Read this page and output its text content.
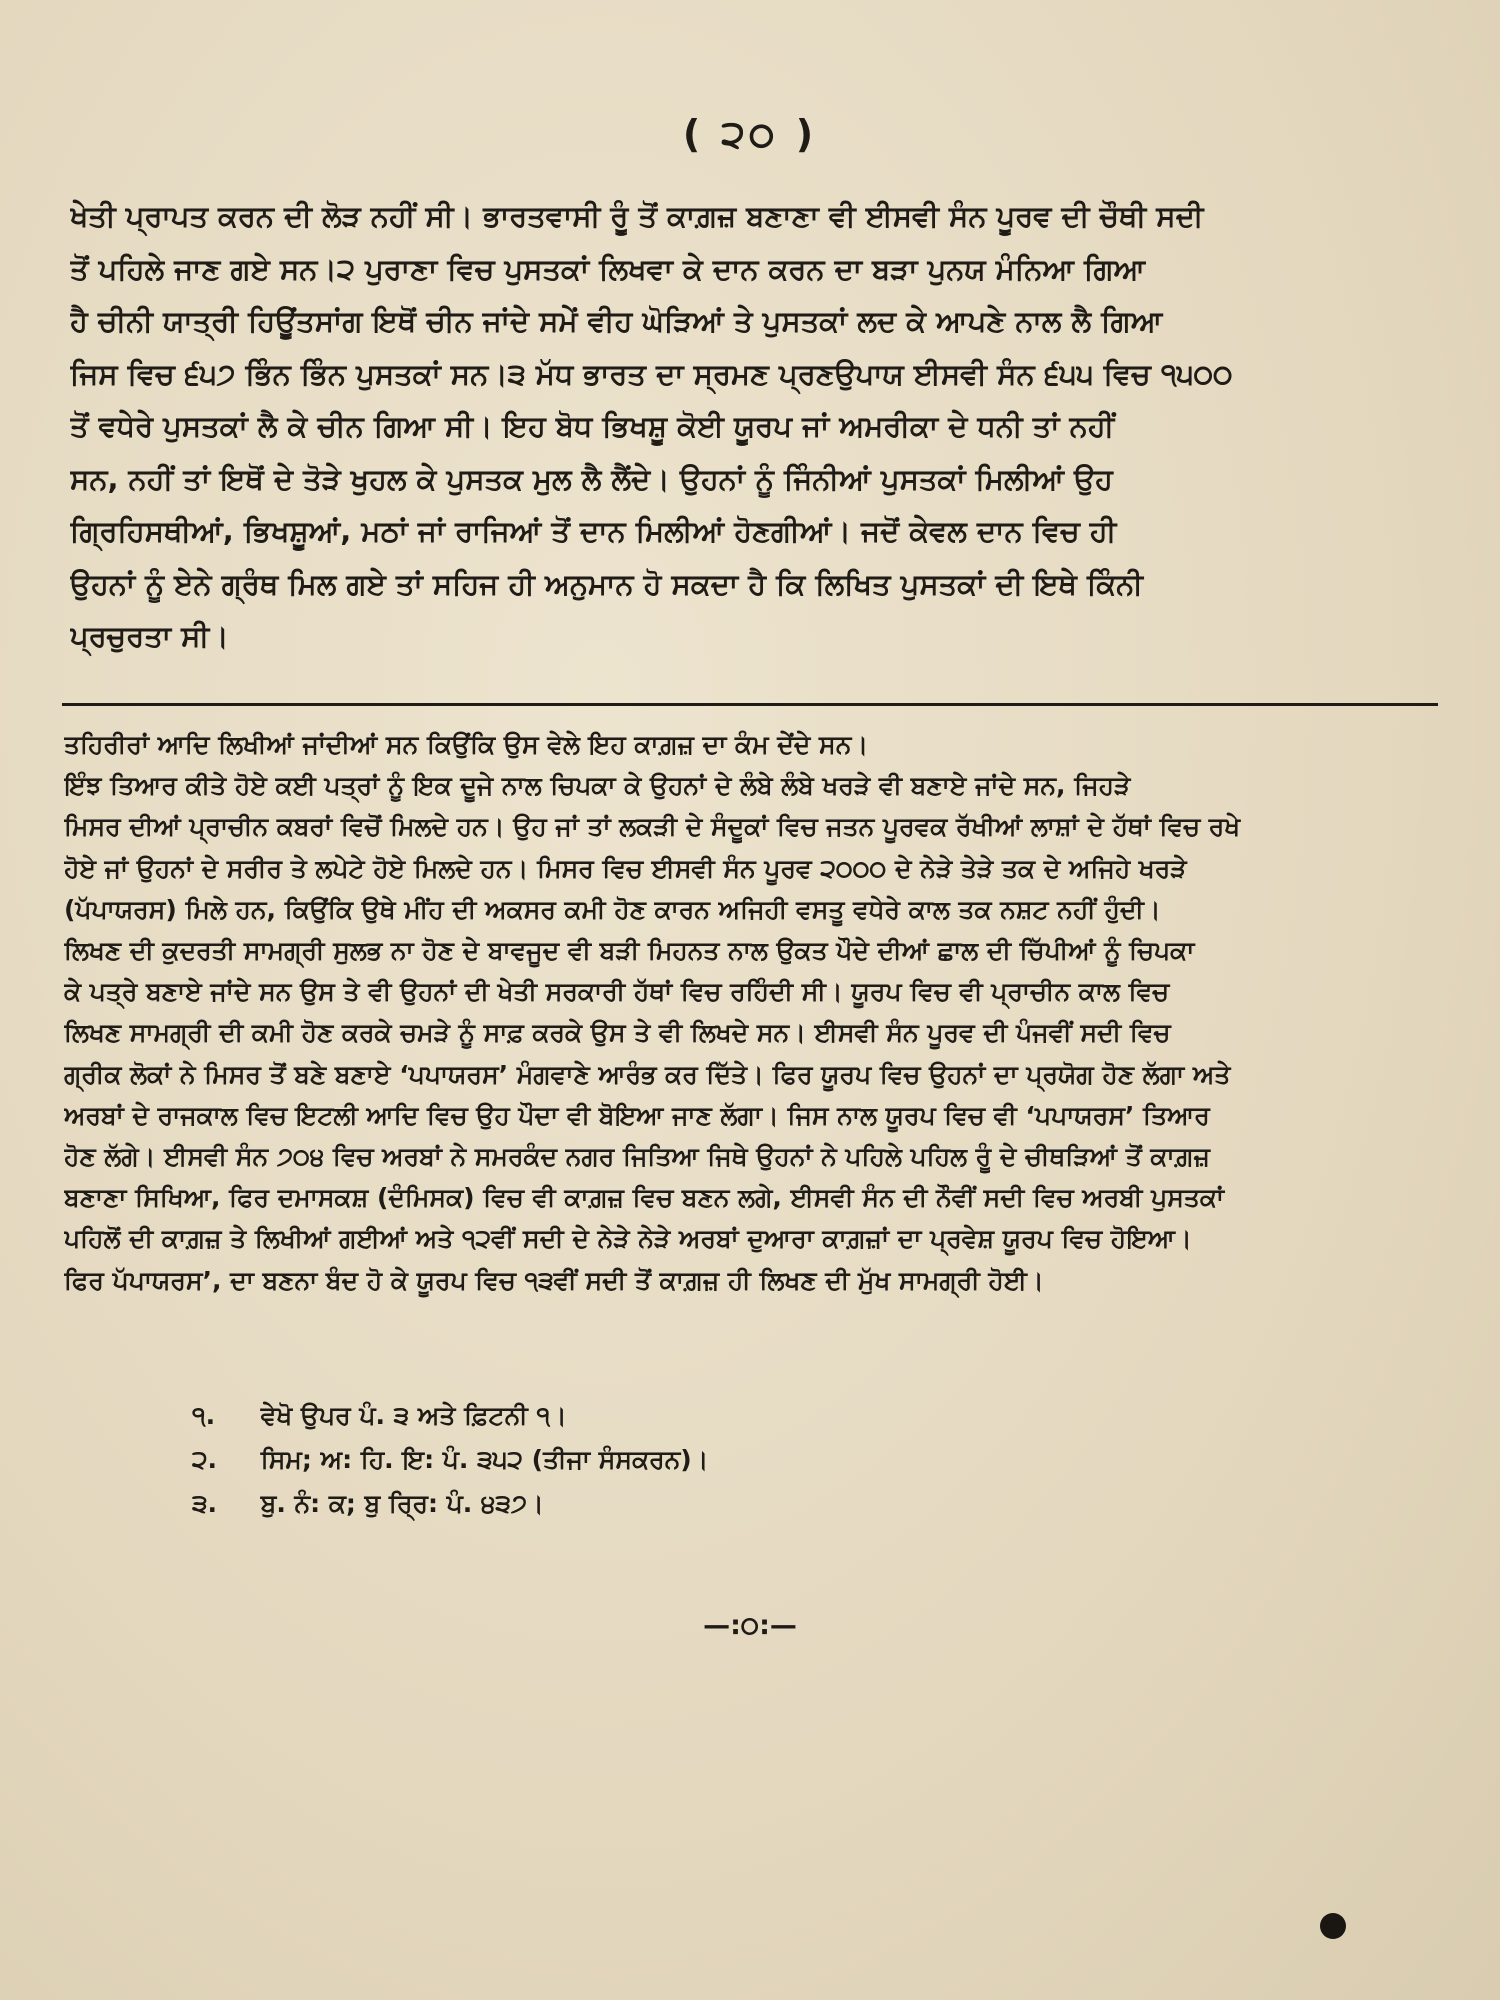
( ੨੦ )
ਖੇਤੀ ਪ੍ਰਾਪਤ ਕਰਨ ਦੀ ਲੋੜ ਨਹੀਂ ਸੀ। ਭਾਰਤਵਾਸੀ ਰੂੰ ਤੋਂ ਕਾਗ਼ਜ਼ ਬਣਾਣਾ ਵੀ ਈਸਵੀ ਸੰਨ ਪੂਰਵ ਦੀ ਚੌਥੀ ਸਦੀ
ਤੋਂ ਪਹਿਲੇ ਜਾਣ ਗਏ ਸਨ।੨ ਪੁਰਾਣਾ ਵਿਚ ਪੁਸਤਕਾਂ ਲਿਖਵਾ ਕੇ ਦਾਨ ਕਰਨ ਦਾ ਬੜਾ ਪੁਨਯ ਮੰਨਿਆ ਗਿਆ
ਹੈ ਚੀਨੀ ਯਾਤ੍ਰੀ ਹਿਊਂਤਸਾਂਗ ਇਥੋਂ ਚੀਨ ਜਾਂਦੇ ਸਮੇਂ ਵੀਹ ਘੋੜਿਆਂ ਤੇ ਪੁਸਤਕਾਂ ਲਦ ਕੇ ਆਪਣੇ ਨਾਲ ਲੈ ਗਿਆ
ਜਿਸ ਵਿਚ ੬੫੭ ਭਿੰਨ ਭਿੰਨ ਪੁਸਤਕਾਂ ਸਨ।੩ ਮੱਧ ਭਾਰਤ ਦਾ ਸ੍ਰਮਣ ਪ੍ਰਣਉਪਾਯ ਈਸਵੀ ਸੰਨ ੬੫੫ ਵਿਚ ੧੫੦੦
ਤੋਂ ਵਧੇਰੇ ਪੁਸਤਕਾਂ ਲੈ ਕੇ ਚੀਨ ਗਿਆ ਸੀ। ਇਹ ਬੋਧ ਭਿਖਸ਼ੂ ਕੋਈ ਯੂਰਪ ਜਾਂ ਅਮਰੀਕਾ ਦੇ ਧਨੀ ਤਾਂ ਨਹੀਂ
ਸਨ, ਨਹੀਂ ਤਾਂ ਇਥੋਂ ਦੇ ਤੋੜੇ ਖੁਹਲ ਕੇ ਪੁਸਤਕ ਮੁਲ ਲੈ ਲੈਂਦੇ। ਉਹਨਾਂ ਨੂੰ ਜਿੰਨੀਆਂ ਪੁਸਤਕਾਂ ਮਿਲੀਆਂ ਉਹ
ਗ੍ਰਿਹਿਸਥੀਆਂ, ਭਿਖਸ਼ੂਆਂ, ਮਠਾਂ ਜਾਂ ਰਾਜਿਆਂ ਤੋਂ ਦਾਨ ਮਿਲੀਆਂ ਹੋਣਗੀਆਂ। ਜਦੋਂ ਕੇਵਲ ਦਾਨ ਵਿਚ ਹੀ
ਉਹਨਾਂ ਨੂੰ ਏਨੇ ਗ੍ਰੰਥ ਮਿਲ ਗਏ ਤਾਂ ਸਹਿਜ ਹੀ ਅਨੁਮਾਨ ਹੋ ਸਕਦਾ ਹੈ ਕਿ ਲਿਖਿਤ ਪੁਸਤਕਾਂ ਦੀ ਇਥੇ ਕਿੰਨੀ
ਪ੍ਰਚੁਰਤਾ ਸੀ।
ਤਹਿਰੀਰਾਂ ਆਦਿ ਲਿਖੀਆਂ ਜਾਂਦੀਆਂ ਸਨ ਕਿਉਂਕਿ ਉਸ ਵੇਲੇ ਇਹ ਕਾਗ਼ਜ਼ ਦਾ ਕੰਮ ਦੇਂਦੇ ਸਨ।
ਇੰਝ ਤਿਆਰ ਕੀਤੇ ਹੋਏ ਕਈ ਪਤ੍ਰਾਂ ਨੂੰ ਇਕ ਦੂਜੇ ਨਾਲ ਚਿਪਕਾ ਕੇ ਉਹਨਾਂ ਦੇ ਲੰਬੇ ਲੰਬੇ ਖਰੜੇ ਵੀ ਬਣਾਏ ਜਾਂਦੇ ਸਨ, ਜਿਹੜੇ
ਮਿਸਰ ਦੀਆਂ ਪ੍ਰਾਚੀਨ ਕਬਰਾਂ ਵਿਚੋਂ ਮਿਲਦੇ ਹਨ। ਉਹ ਜਾਂ ਤਾਂ ਲਕੜੀ ਦੇ ਸੰਦੂਕਾਂ ਵਿਚ ਜਤਨ ਪੂਰਵਕ ਰੱਖੀਆਂ ਲਾਸ਼ਾਂ ਦੇ ਹੱਥਾਂ ਵਿਚ ਰਖੇ
ਹੋਏ ਜਾਂ ਉਹਨਾਂ ਦੇ ਸਰੀਰ ਤੇ ਲਪੇਟੇ ਹੋਏ ਮਿਲਦੇ ਹਨ। ਮਿਸਰ ਵਿਚ ਈਸਵੀ ਸੰਨ ਪੂਰਵ ੨੦੦੦ ਦੇ ਨੇੜੇ ਤੇੜੇ ਤਕ ਦੇ ਅਜਿਹੇ ਖਰੜੇ
(ਪੱਪਾਯਰਸ) ਮਿਲੇ ਹਨ, ਕਿਉਂਕਿ ਉਥੇ ਮੀਂਹ ਦੀ ਅਕਸਰ ਕਮੀ ਹੋਣ ਕਾਰਨ ਅਜਿਹੀ ਵਸਤੂ ਵਧੇਰੇ ਕਾਲ ਤਕ ਨਸ਼ਟ ਨਹੀਂ ਹੁੰਦੀ।
ਲਿਖਣ ਦੀ ਕੁਦਰਤੀ ਸਾਮਗ੍ਰੀ ਸੁਲਭ ਨਾ ਹੋਣ ਦੇ ਬਾਵਜੂਦ ਵੀ ਬੜੀ ਮਿਹਨਤ ਨਾਲ ਉਕਤ ਪੌਦੇ ਦੀਆਂ ਛਾਲ ਦੀ ਚਿੱਪੀਆਂ ਨੂੰ ਚਿਪਕਾ
ਕੇ ਪਤ੍ਰੇ ਬਣਾਏ ਜਾਂਦੇ ਸਨ ਉਸ ਤੇ ਵੀ ਉਹਨਾਂ ਦੀ ਖੇਤੀ ਸਰਕਾਰੀ ਹੱਥਾਂ ਵਿਚ ਰਹਿੰਦੀ ਸੀ। ਯੂਰਪ ਵਿਚ ਵੀ ਪ੍ਰਾਚੀਨ ਕਾਲ ਵਿਚ
ਲਿਖਣ ਸਾਮਗ੍ਰੀ ਦੀ ਕਮੀ ਹੋਣ ਕਰਕੇ ਚਮੜੇ ਨੂੰ ਸਾਫ਼ ਕਰਕੇ ਉਸ ਤੇ ਵੀ ਲਿਖਦੇ ਸਨ। ਈਸਵੀ ਸੰਨ ਪੂਰਵ ਦੀ ਪੰਜਵੀਂ ਸਦੀ ਵਿਚ
ਗ੍ਰੀਕ ਲੋਕਾਂ ਨੇ ਮਿਸਰ ਤੋਂ ਬਣੇ ਬਣਾਏ ‘ਪਪਾਯਰਸ’ ਮੰਗਵਾਣੇ ਆਰੰਭ ਕਰ ਦਿੱਤੇ। ਫਿਰ ਯੂਰਪ ਵਿਚ ਉਹਨਾਂ ਦਾ ਪ੍ਰਯੋਗ ਹੋਣ ਲੱਗਾ ਅਤੇ
ਅਰਬਾਂ ਦੇ ਰਾਜਕਾਲ ਵਿਚ ਇਟਲੀ ਆਦਿ ਵਿਚ ਉਹ ਪੌਦਾ ਵੀ ਬੋਇਆ ਜਾਣ ਲੱਗਾ। ਜਿਸ ਨਾਲ ਯੂਰਪ ਵਿਚ ਵੀ ‘ਪਪਾਯਰਸ’ ਤਿਆਰ
ਹੋਣ ਲੱਗੇ। ਈਸਵੀ ਸੰਨ ੭੦੪ ਵਿਚ ਅਰਬਾਂ ਨੇ ਸਮਰਕੰਦ ਨਗਰ ਜਿਤਿਆ ਜਿਥੇ ਉਹਨਾਂ ਨੇ ਪਹਿਲੇ ਪਹਿਲ ਰੂੰ ਦੇ ਚੀਥੜਿਆਂ ਤੋਂ ਕਾਗ਼ਜ਼
ਬਣਾਣਾ ਸਿਖਿਆ, ਫਿਰ ਦਮਾਸਕਸ਼ (ਦੰਮਿਸਕ) ਵਿਚ ਵੀ ਕਾਗ਼ਜ਼ ਵਿਚ ਬਣਨ ਲਗੇ, ਈਸਵੀ ਸੰਨ ਦੀ ਨੌਵੀਂ ਸਦੀ ਵਿਚ ਅਰਬੀ ਪੁਸਤਕਾਂ
ਪਹਿਲੋਂ ਦੀ ਕਾਗ਼ਜ਼ ਤੇ ਲਿਖੀਆਂ ਗਈਆਂ ਅਤੇ ੧੨ਵੀਂ ਸਦੀ ਦੇ ਨੇੜੇ ਨੇੜੇ ਅਰਬਾਂ ਦੁਆਰਾ ਕਾਗ਼ਜ਼ਾਂ ਦਾ ਪ੍ਰਵੇਸ਼ ਯੂਰਪ ਵਿਚ ਹੋਇਆ।
ਫਿਰ ਪੱਪਾਯਰਸ’, ਦਾ ਬਣਨਾ ਬੰਦ ਹੋ ਕੇ ਯੂਰਪ ਵਿਚ ੧੩ਵੀਂ ਸਦੀ ਤੋਂ ਕਾਗ਼ਜ਼ ਹੀ ਲਿਖਣ ਦੀ ਮੁੱਖ ਸਾਮਗ੍ਰੀ ਹੋਈ।
੧. ਵੇਖੋ ਉਪਰ ਪੰ. ੩ ਅਤੇ ਫ਼ਿਟਨੀ ੧।
੨. ਸਿਮ; ਅ: ਹਿ. ਇ: ਪੰ. ੩੫੨ (ਤੀਜਾ ਸੰਸਕਰਨ)।
੩. ਬੁ. ਨੰ: ਕ; ਬੁ ਰ੍ਰਿ: ਪੰ. ੪੩੭।
—:੦:—
